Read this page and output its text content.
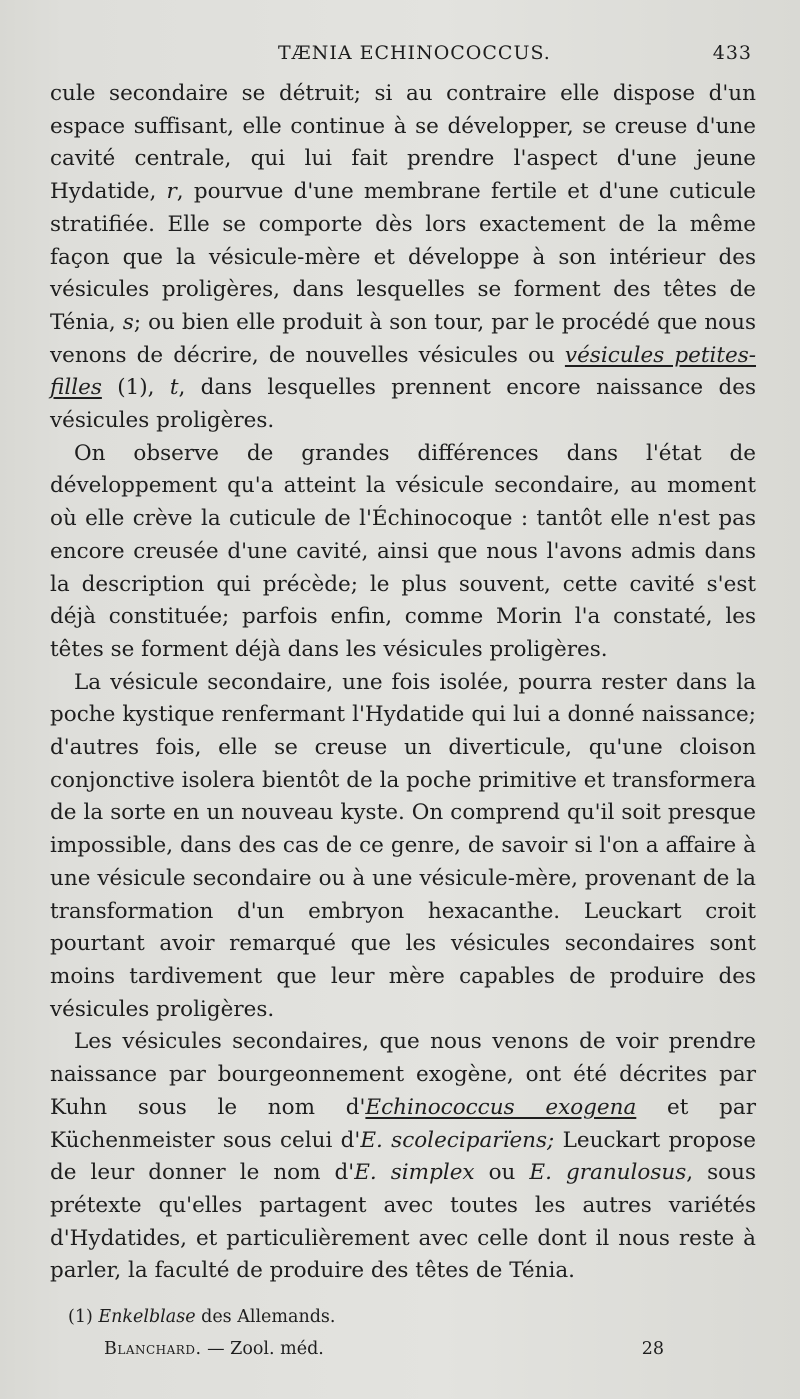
TÆNIA ECHINOCOCCUS.	433

cule secondaire se détruit; si au contraire elle dispose d'un espace suffisant, elle continue à se développer, se creuse d'une cavité centrale, qui lui fait prendre l'aspect d'une jeune Hydatide, r, pourvue d'une membrane fertile et d'une cuticule stratifiée. Elle se comporte dès lors exactement de la même façon que la vésicule-mère et développe à son intérieur des vésicules proligères, dans lesquelles se forment des têtes de Ténia, s; ou bien elle produit à son tour, par le procédé que nous venons de décrire, de nouvelles vésicules ou vésicules petites-filles (1), t, dans lesquelles prennent encore naissance des vésicules proligères.

On observe de grandes différences dans l'état de développement qu'a atteint la vésicule secondaire, au moment où elle crève la cuticule de l'Échinocoque : tantôt elle n'est pas encore creusée d'une cavité, ainsi que nous l'avons admis dans la description qui précède; le plus souvent, cette cavité s'est déjà constituée; parfois enfin, comme Morin l'a constaté, les têtes se forment déjà dans les vésicules proligères.

La vésicule secondaire, une fois isolée, pourra rester dans la poche kystique renfermant l'Hydatide qui lui a donné naissance; d'autres fois, elle se creuse un diverticule, qu'une cloison conjonctive isolera bientôt de la poche primitive et transformera de la sorte en un nouveau kyste. On comprend qu'il soit presque impossible, dans des cas de ce genre, de savoir si l'on a affaire à une vésicule secondaire ou à une vésicule-mère, provenant de la transformation d'un embryon hexacanthe. Leuckart croit pourtant avoir remarqué que les vésicules secondaires sont moins tardivement que leur mère capables de produire des vésicules proligères.

Les vésicules secondaires, que nous venons de voir prendre naissance par bourgeonnement exogène, ont été décrites par Kuhn sous le nom d'Echinococcus exogena et par Küchenmeister sous celui d'E. scoleciparïens; Leuckart propose de leur donner le nom d'E. simplex ou E. granulosus, sous prétexte qu'elles partagent avec toutes les autres variétés d'Hydatides, et particulièrement avec celle dont il nous reste à parler, la faculté de produire des têtes de Ténia.

(1) Enkelblase des Allemands.
Blanchard. — Zool. méd.	28
